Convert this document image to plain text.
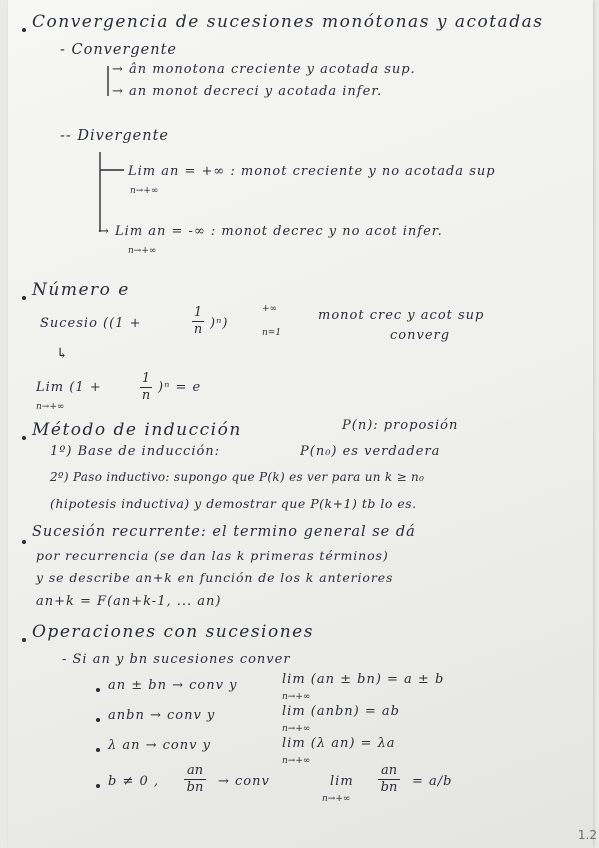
Convergencia de sucesiones monótonas y acotadas
- Convergente
→ ân monotona creciente y acotada sup.
→ an monot decreci y acotada infer.
-- Divergente
Lim an = +∞ : monot creciente y no acotada sup
n→+∞
→ Lim an = -∞ : monot decrec y no acot infer.
n→+∞
Número e
Sucesio ((1 +
1
n )ⁿ)
+∞
n=1
monot crec y acot sup
converg
↳
Lim (1 +
1
n
)ⁿ = e
n→+∞
Método de inducción	P(n): proposión
1º) Base de inducción:	P(n₀) es verdadera
2º) Paso inductivo: supongo que P(k) es ver para un k ≥ n₀
(hipotesis inductiva) y demostrar que P(k+1) tb lo es.
Sucesión recurrente: el termino general se dá
por recurrencia (se dan las k primeras términos)
y se describe an+k en función de los k anteriores
an+k = F(an+k-1, ... an)
Operaciones con sucesiones
- Si an y bn sucesiones conver
an ± bn → conv y	lim (an ± bn) = a ± b
n→+∞
anbn → conv y	lim (anbn) = ab
n→+∞
λ an → conv y	lim (λ an) = λa
n→+∞
b ≠ 0 ,
an
bn → conv	lim
an
bn = a/b
n→+∞
1.2
